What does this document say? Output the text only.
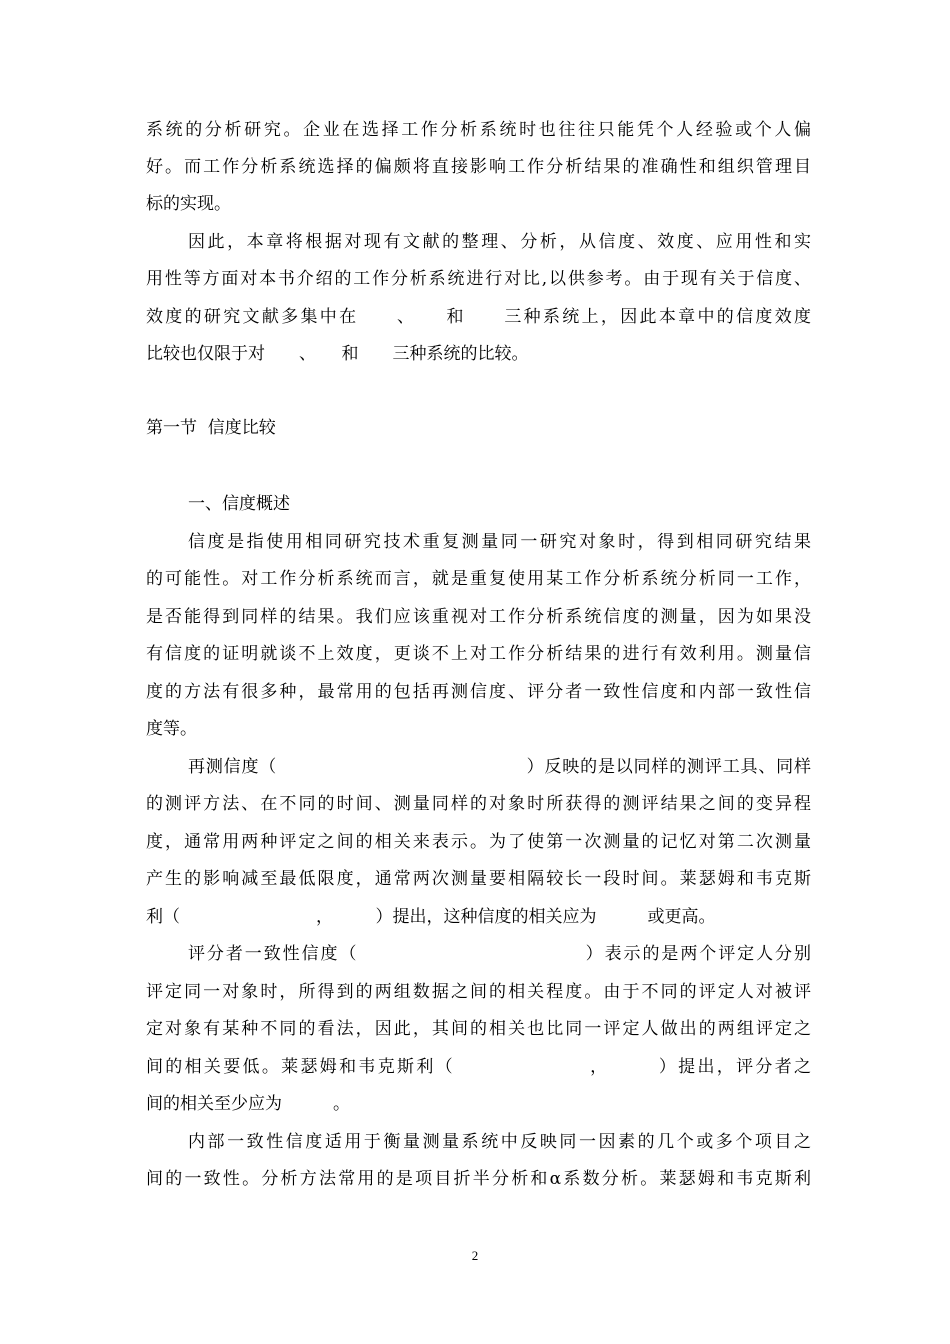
系统的分析研究。企业在选择工作分析系统时也往往只能凭个人经验或个人偏
好。而工作分析系统选择的偏颇将直接影响工作分析结果的准确性和组织管理目
标的实现。
因此，本章将根据对现有文献的整理、分析，从信度、效度、应用性和实
用性等方面对本书介绍的工作分析系统进行对比,以供参考。由于现有关于信度、
效度的研究文献多集中在　　、　　和　　三种系统上，因此本章中的信度效度
比较也仅限于对　　、　　和　　三种系统的比较。
第一节  信度比较
一、信度概述
信度是指使用相同研究技术重复测量同一研究对象时，得到相同研究结果
的可能性。对工作分析系统而言，就是重复使用某工作分析系统分析同一工作，
是否能得到同样的结果。我们应该重视对工作分析系统信度的测量，因为如果没
有信度的证明就谈不上效度，更谈不上对工作分析结果的进行有效利用。测量信
度的方法有很多种，最常用的包括再测信度、评分者一致性信度和内部一致性信
度等。
再测信度（　　　　　　　　　　　　　　）反映的是以同样的测评工具、同样
的测评方法、在不同的时间、测量同样的对象时所获得的测评结果之间的变异程
度，通常用两种评定之间的相关来表示。为了使第一次测量的记忆对第二次测量
产生的影响减至最低限度，通常两次测量要相隔较长一段时间。莱瑟姆和韦克斯
利（　　　　　　　　，　　　）提出，这种信度的相关应为　　　或更高。
评分者一致性信度（　　　　　　　　　　　　）表示的是两个评定人分别
评定同一对象时，所得到的两组数据之间的相关程度。由于不同的评定人对被评
定对象有某种不同的看法，因此，其间的相关也比同一评定人做出的两组评定之
间的相关要低。莱瑟姆和韦克斯利（　　　　　　　，　　　）提出，评分者之
间的相关至少应为　　　。
内部一致性信度适用于衡量测量系统中反映同一因素的几个或多个项目之
间的一致性。分析方法常用的是项目折半分析和α系数分析。莱瑟姆和韦克斯利
2
